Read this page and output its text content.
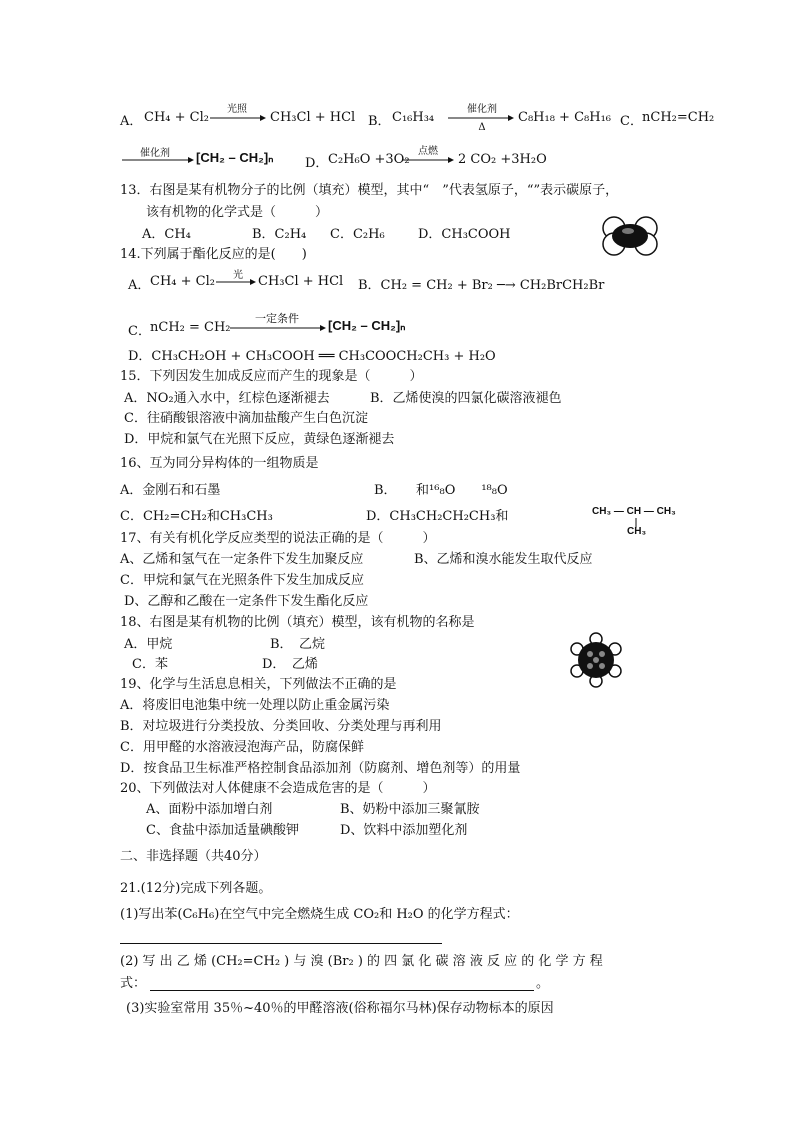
A． CH₄ + Cl₂
光照
CH₃Cl + HCl B． C₁₆H₃₄
催化剂
Δ
C₈H₁₈ + C₈H₁₆ C． nCH₂=CH₂
催化剂	[CH₂ – CH₂]ₙ D． C₂H₆O +3O₂
点燃
2 CO₂ +3H₂O
13．右图是某有机物分子的比例（填充）模型，其中“　”代表氢原子，“”表示碳原子，
该有机物的化学式是（　　　）
A．CH₄	B．C₂H₄ C．C₂H₆	D．CH₃COOH
14.下列属于酯化反应的是(　　)
A． CH₄ + Cl₂	光	CH₃Cl + HCl B．CH₂ = CH₂ + Br₂ ─→ CH₂BrCH₂Br
C． nCH₂ = CH₂
一定条件	[CH₂ – CH₂]ₙ
D．CH₃CH₂OH + CH₃COOH ══ CH₃COOCH₂CH₃ + H₂O
15．下列因发生加成反应而产生的现象是（　　　）
A．NO₂通入水中，红棕色逐渐褪去	B．乙烯使溴的四氯化碳溶液褪色
C．往硝酸银溶液中滴加盐酸产生白色沉淀
D．甲烷和氯气在光照下反应，黄绿色逐渐褪去
16、互为同分异构体的一组物质是
A．金刚石和石墨	B．　　和¹⁶₈O　　¹⁸₈O
C．CH₂=CH₂和CH₃CH₃	D．CH₃CH₂CH₂CH₃和	CH₃ — CH — CH₃
CH₃
17、有关有机化学反应类型的说法正确的是（　　　）
A、乙烯和氢气在一定条件下发生加聚反应	B、乙烯和溴水能发生取代反应
C．甲烷和氯气在光照条件下发生加成反应
D、乙醇和乙酸在一定条件下发生酯化反应
18、右图是某有机物的比例（填充）模型，该有机物的名称是
A．甲烷	B．　乙烷
C．苯	D．　乙烯
19、化学与生活息息相关，下列做法不正确的是
A．将废旧电池集中统一处理以防止重金属污染
B．对垃圾进行分类投放、分类回收、分类处理与再利用
C．用甲醛的水溶液浸泡海产品，防腐保鲜
D．按食品卫生标准严格控制食品添加剂（防腐剂、增色剂等）的用量
20、下列做法对人体健康不会造成危害的是（　　　）
A、面粉中添加增白剂	B、奶粉中添加三聚氰胺
C、食盐中添加适量碘酸钾	D、饮料中添加塑化剂
二、非选择题（共40分）
21.(12分)完成下列各题。
(1)写出苯(C₆H₆)在空气中完全燃烧生成 CO₂和 H₂O 的化学方程式：
(2) 写 出 乙 烯 (CH₂=CH₂ ) 与 溴 (Br₂ ) 的 四 氯 化 碳 溶 液 反 应 的 化 学 方 程
式：	。
(3)实验室常用 35％~40％的甲醛溶液(俗称福尔马林)保存动物标本的原因
